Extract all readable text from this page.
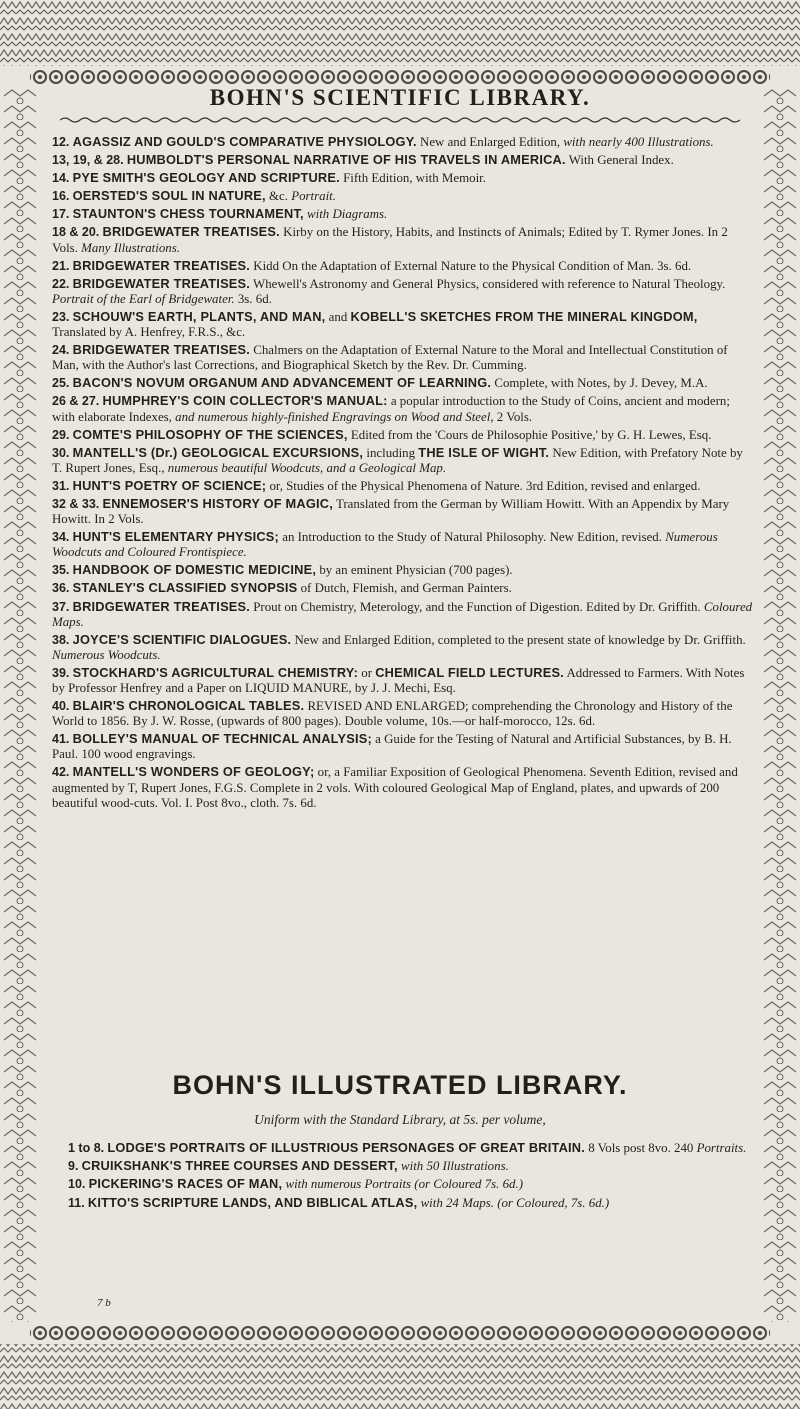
BOHN'S SCIENTIFIC LIBRARY.
12. AGASSIZ AND GOULD'S COMPARATIVE PHYSIOLOGY. New and Enlarged Edition, with nearly 400 Illustrations.
13, 19, & 28. HUMBOLDT'S PERSONAL NARRATIVE OF HIS TRAVELS IN AMERICA. With General Index.
14. PYE SMITH'S GEOLOGY AND SCRIPTURE. Fifth Edition, with Memoir.
16. OERSTED'S SOUL IN NATURE, &c. Portrait.
17. STAUNTON'S CHESS TOURNAMENT, with Diagrams.
18 & 20. BRIDGEWATER TREATISES. Kirby on the History, Habits, and Instincts of Animals; Edited by T. Rymer Jones. In 2 Vols. Many Illustrations.
21. BRIDGEWATER TREATISES. Kidd On the Adaptation of External Nature to the Physical Condition of Man. 3s. 6d.
22. BRIDGEWATER TREATISES. Whewell's Astronomy and General Physics, considered with reference to Natural Theology. Portrait of the Earl of Bridgewater. 3s. 6d.
23. SCHOUW'S EARTH, PLANTS, AND MAN, and KOBELL'S SKETCHES FROM THE MINERAL KINGDOM, Translated by A. Henfrey, F.R.S., &c.
24. BRIDGEWATER TREATISES. Chalmers on the Adaptation of External Nature to the Moral and Intellectual Constitution of Man, with the Author's last Corrections, and Biographical Sketch by the Rev. Dr. Cumming.
25. BACON'S NOVUM ORGANUM AND ADVANCEMENT OF LEARNING. Complete, with Notes, by J. Devey, M.A.
26 & 27. HUMPHREY'S COIN COLLECTOR'S MANUAL: a popular introduction to the Study of Coins, ancient and modern; with elaborate Indexes, and numerous highly-finished Engravings on Wood and Steel, 2 Vols.
29. COMTE'S PHILOSOPHY OF THE SCIENCES, Edited from the 'Cours de Philosophie Positive,' by G. H. Lewes, Esq.
30. MANTELL'S (Dr.) GEOLOGICAL EXCURSIONS, including THE ISLE OF WIGHT. New Edition, with Prefatory Note by T. Rupert Jones, Esq., numerous beautiful Woodcuts, and a Geological Map.
31. HUNT'S POETRY OF SCIENCE; or, Studies of the Physical Phenomena of Nature. 3rd Edition, revised and enlarged.
32 & 33. ENNEMOSER'S HISTORY OF MAGIC, Translated from the German by William Howitt. With an Appendix by Mary Howitt. In 2 Vols.
34. HUNT'S ELEMENTARY PHYSICS; an Introduction to the Study of Natural Philosophy. New Edition, revised. Numerous Woodcuts and Coloured Frontispiece.
35. HANDBOOK OF DOMESTIC MEDICINE, by an eminent Physician (700 pages).
36. STANLEY'S CLASSIFIED SYNOPSIS of Dutch, Flemish, and German Painters.
37. BRIDGEWATER TREATISES. Prout on Chemistry, Meterology, and the Function of Digestion. Edited by Dr. Griffith. Coloured Maps.
38. JOYCE'S SCIENTIFIC DIALOGUES. New and Enlarged Edition, completed to the present state of knowledge by Dr. Griffith. Numerous Woodcuts.
39. STOCKHARD'S AGRICULTURAL CHEMISTRY: or CHEMICAL FIELD LECTURES. Addressed to Farmers. With Notes by Professor Henfrey and a Paper on LIQUID MANURE, by J. J. Mechi, Esq.
40. BLAIR'S CHRONOLOGICAL TABLES. REVISED AND ENLARGED; comprehending the Chronology and History of the World to 1856. By J. W. Rosse, (upwards of 800 pages). Double volume, 10s.—or half-morocco, 12s. 6d.
41. BOLLEY'S MANUAL OF TECHNICAL ANALYSIS; a Guide for the Testing of Natural and Artificial Substances, by B. H. Paul. 100 wood engravings.
42. MANTELL'S WONDERS OF GEOLOGY; or, a Familiar Exposition of Geological Phenomena. Seventh Edition, revised and augmented by T, Rupert Jones, F.G.S. Complete in 2 vols. With coloured Geological Map of England, plates, and upwards of 200 beautiful wood-cuts. Vol. I. Post 8vo., cloth. 7s. 6d.
BOHN'S ILLUSTRATED LIBRARY.
Uniform with the Standard Library, at 5s. per volume,
1 to 8. LODGE'S PORTRAITS OF ILLUSTRIOUS PERSONAGES OF GREAT BRITAIN. 8 Vols post 8vo. 240 Portraits.
9. CRUIKSHANK'S THREE COURSES AND DESSERT, with 50 Illustrations.
10. PICKERING'S RACES OF MAN, with numerous Portraits (or Coloured 7s. 6d.)
11. KITTO'S SCRIPTURE LANDS, AND BIBLICAL ATLAS, with 24 Maps. (or Coloured, 7s. 6d.)
7 b
